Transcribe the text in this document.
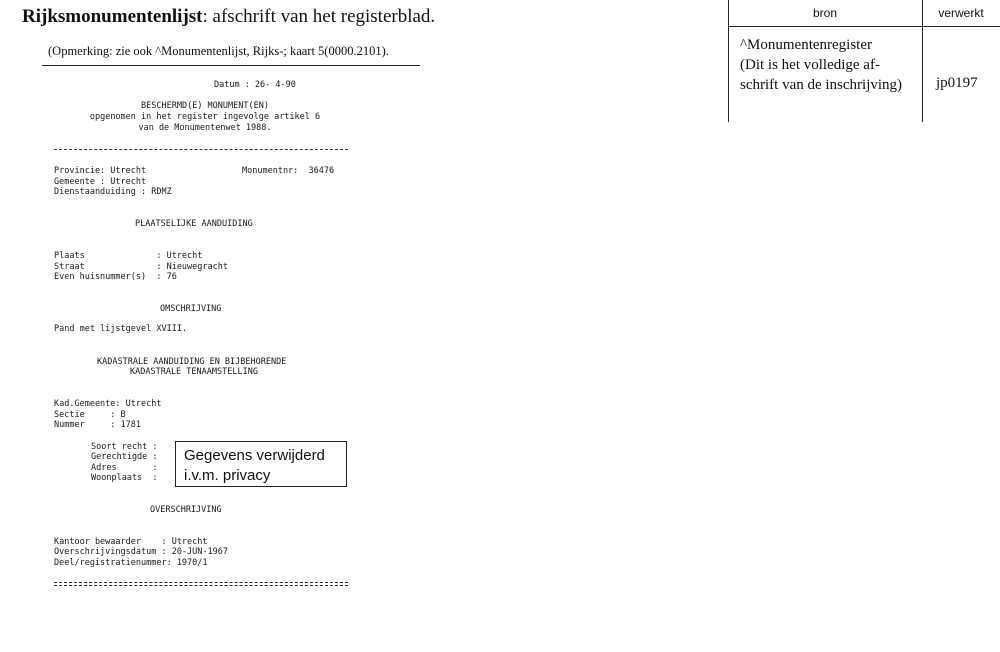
Rijksmonumentenlijst: afschrift van het registerblad.
(Opmerking: zie ook ^Monumentenlijst, Rijks-; kaart 5(0000.2101).
Datum : 26- 4-90
BESCHERMD(E) MONUMENT(EN)
opgenomen in het register ingevolge artikel 6
van de Monumentenwet 1988.
Provincie: Utrecht	Monumentnr:  36476
Gemeente : Utrecht
Dienstaanduiding : RDMZ
PLAATSELIJKE AANDUIDING
Plaats              : Utrecht
Straat              : Nieuwegracht
Even huisnummer(s)  : 76
OMSCHRIJVING
Pand met lijstgevel XVIII.
KADASTRALE AANDUIDING EN BIJBEHORENDE
KADASTRALE TENAAMSTELLING
Kad.Gemeente: Utrecht
Sectie     : B
Nummer     : 1781
Soort recht :
Gerechtigde :
Adres       :
Woonplaats  :
Gegevens verwijderd
i.v.m. privacy
OVERSCHRIJVING
Kantoor bewaarder    : Utrecht
Overschrijvingsdatum : 20-JUN-1967
Deel/registratienummer: 1970/1
bron	verwerkt
^Monumentenregister
(Dit is het volledige af-
schrift van de inschrijving)	jp0197
